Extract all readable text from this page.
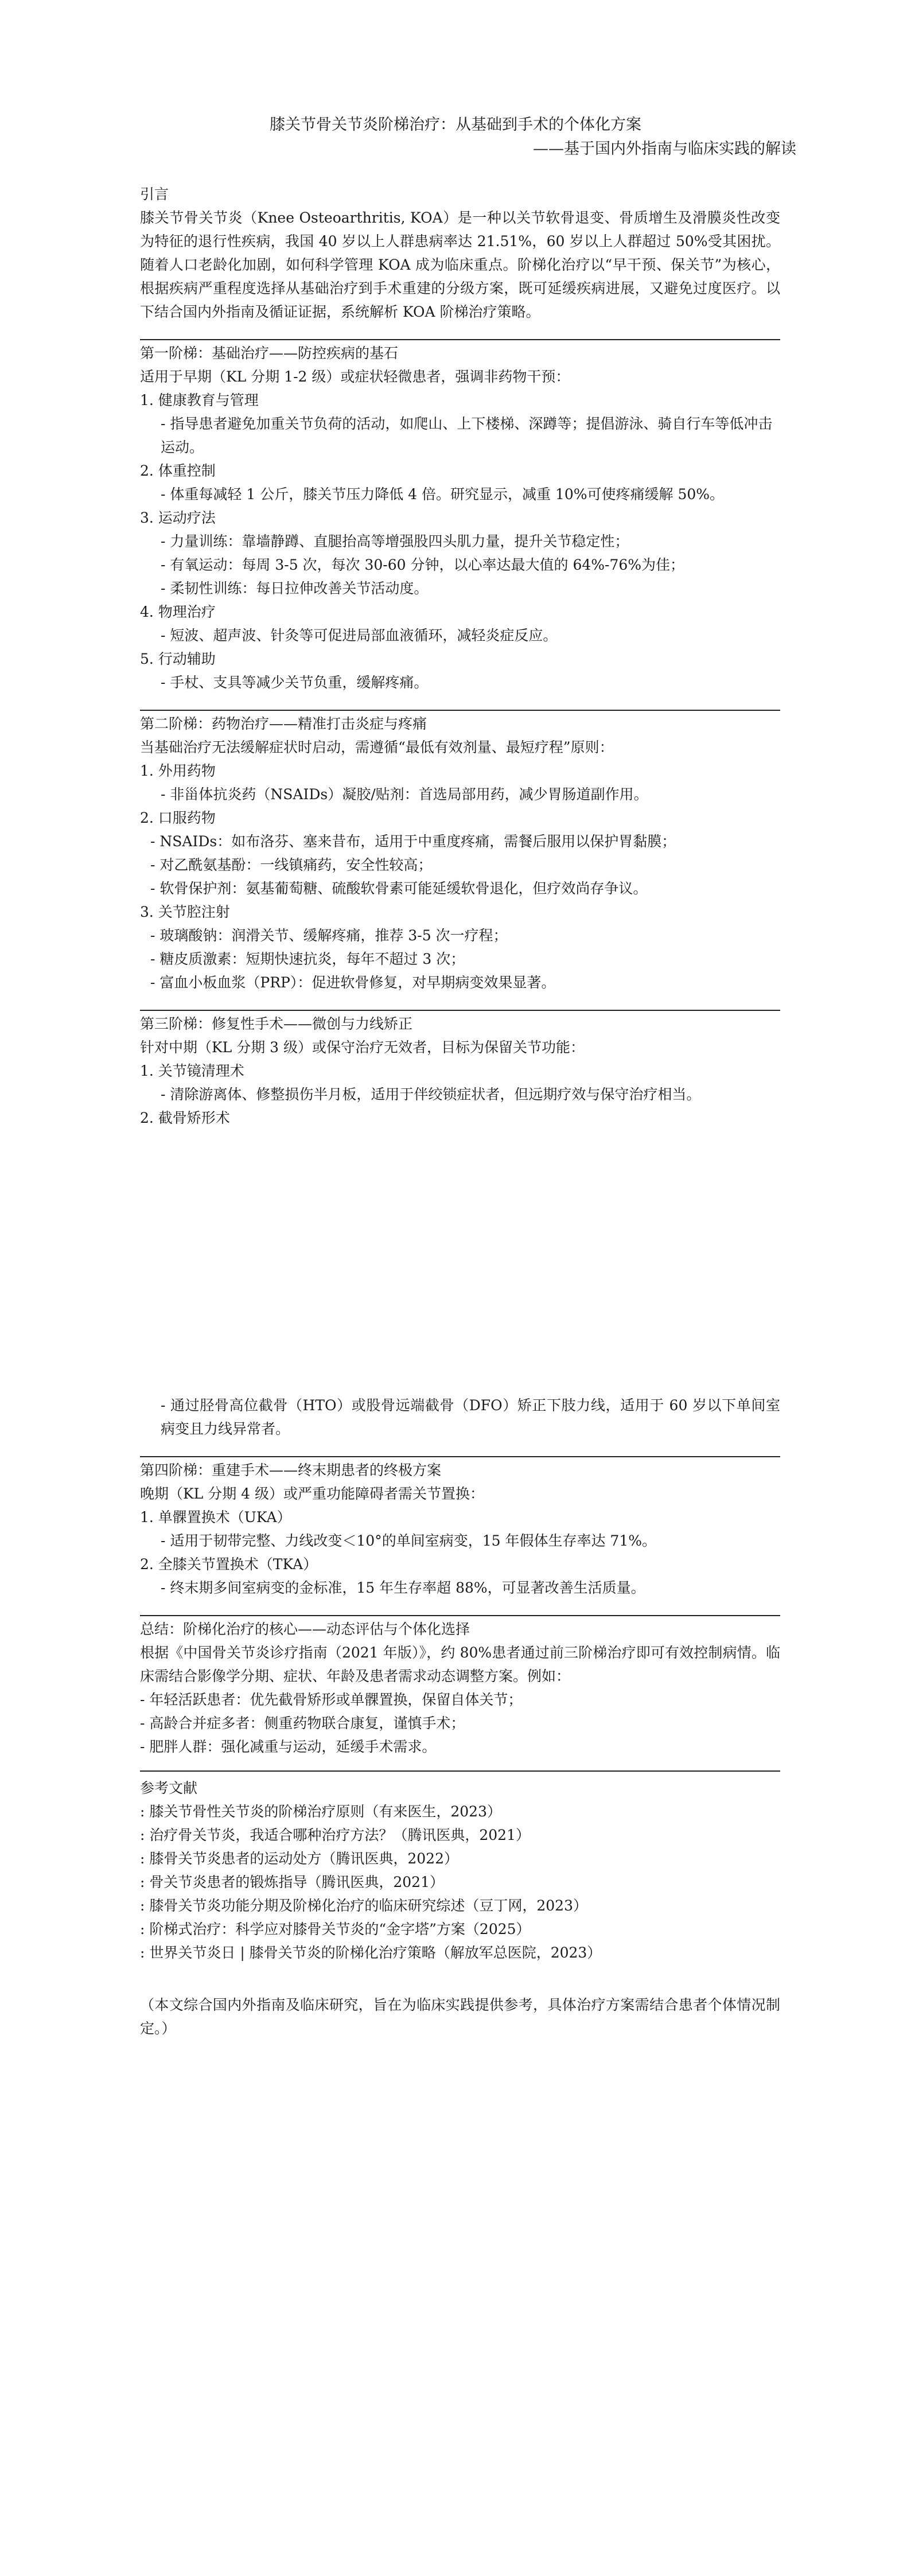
膝关节骨关节炎阶梯治疗：从基础到手术的个体化方案

——基于国内外指南与临床实践的解读

引言

膝关节骨关节炎（Knee Osteoarthritis, KOA）是一种以关节软骨退变、骨质增生及滑膜炎性改变为特征的退行性疾病，我国 40 岁以上人群患病率达 21.51%，60 岁以上人群超过 50%受其困扰。随着人口老龄化加剧，如何科学管理 KOA 成为临床重点。阶梯化治疗以“早干预、保关节”为核心，根据疾病严重程度选择从基础治疗到手术重建的分级方案，既可延缓疾病进展，又避免过度医疗。以下结合国内外指南及循证证据，系统解析 KOA 阶梯治疗策略。

第一阶梯：基础治疗——防控疾病的基石

适用于早期（KL 分期 1-2 级）或症状轻微患者，强调非药物干预：

1. 健康教育与管理

- 指导患者避免加重关节负荷的活动，如爬山、上下楼梯、深蹲等；提倡游泳、骑自行车等低冲击运动。

2. 体重控制

- 体重每减轻 1 公斤，膝关节压力降低 4 倍。研究显示，减重 10%可使疼痛缓解 50%。

3. 运动疗法

- 力量训练：靠墙静蹲、直腿抬高等增强股四头肌力量，提升关节稳定性；

- 有氧运动：每周 3-5 次，每次 30-60 分钟，以心率达最大值的 64%-76%为佳；

- 柔韧性训练：每日拉伸改善关节活动度。

4. 物理治疗

- 短波、超声波、针灸等可促进局部血液循环，减轻炎症反应。

5. 行动辅助

- 手杖、支具等减少关节负重，缓解疼痛。

第二阶梯：药物治疗——精准打击炎症与疼痛

当基础治疗无法缓解症状时启动，需遵循“最低有效剂量、最短疗程”原则：

1. 外用药物

- 非甾体抗炎药（NSAIDs）凝胶/贴剂：首选局部用药，减少胃肠道副作用。

2. 口服药物

- NSAIDs：如布洛芬、塞来昔布，适用于中重度疼痛，需餐后服用以保护胃黏膜；

- 对乙酰氨基酚：一线镇痛药，安全性较高；

- 软骨保护剂：氨基葡萄糖、硫酸软骨素可能延缓软骨退化，但疗效尚存争议。

3. 关节腔注射

- 玻璃酸钠：润滑关节、缓解疼痛，推荐 3-5 次一疗程；

- 糖皮质激素：短期快速抗炎，每年不超过 3 次；

- 富血小板血浆（PRP）：促进软骨修复，对早期病变效果显著。

第三阶梯：修复性手术——微创与力线矫正

针对中期（KL 分期 3 级）或保守治疗无效者，目标为保留关节功能：

1. 关节镜清理术

- 清除游离体、修整损伤半月板，适用于伴绞锁症状者，但远期疗效与保守治疗相当。

2. 截骨矫形术

- 通过胫骨高位截骨（HTO）或股骨远端截骨（DFO）矫正下肢力线，适用于 60 岁以下单间室病变且力线异常者。

第四阶梯：重建手术——终末期患者的终极方案

晚期（KL 分期 4 级）或严重功能障碍者需关节置换：

1. 单髁置换术（UKA）

- 适用于韧带完整、力线改变＜10°的单间室病变，15 年假体生存率达 71%。

2. 全膝关节置换术（TKA）

- 终末期多间室病变的金标准，15 年生存率超 88%，可显著改善生活质量。

总结：阶梯化治疗的核心——动态评估与个体化选择

根据《中国骨关节炎诊疗指南（2021 年版）》，约 80%患者通过前三阶梯治疗即可有效控制病情。临床需结合影像学分期、症状、年龄及患者需求动态调整方案。例如：

- 年轻活跃患者：优先截骨矫形或单髁置换，保留自体关节；
- 高龄合并症多者：侧重药物联合康复，谨慎手术；
- 肥胖人群：强化减重与运动，延缓手术需求。

参考文献

: 膝关节骨性关节炎的阶梯治疗原则（有来医生，2023）
: 治疗骨关节炎，我适合哪种治疗方法？（腾讯医典，2021）
: 膝骨关节炎患者的运动处方（腾讯医典，2022）
: 骨关节炎患者的锻炼指导（腾讯医典，2021）
: 膝骨关节炎功能分期及阶梯化治疗的临床研究综述（豆丁网，2023）
: 阶梯式治疗：科学应对膝骨关节炎的“金字塔”方案（2025）
: 世界关节炎日 | 膝骨关节炎的阶梯化治疗策略（解放军总医院，2023）

（本文综合国内外指南及临床研究，旨在为临床实践提供参考，具体治疗方案需结合患者个体情况制定。）
